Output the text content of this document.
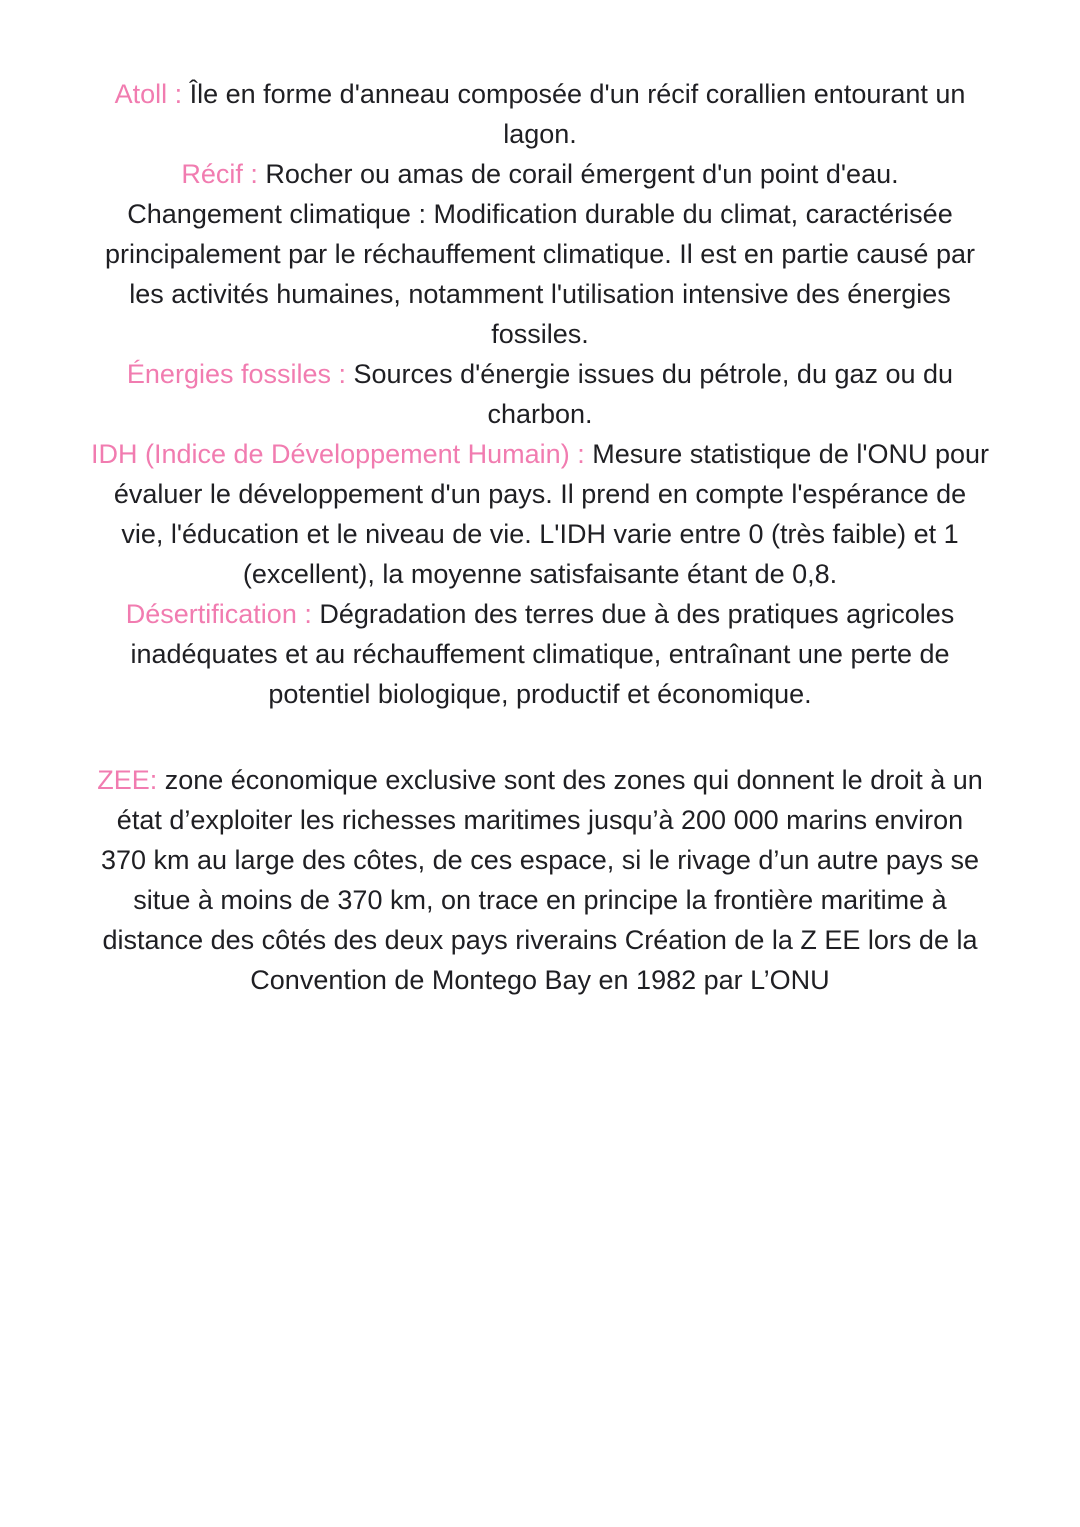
Atoll : Île en forme d'anneau composée d'un récif corallien entourant un
lagon.
Récif : Rocher ou amas de corail émergent d'un point d'eau.
Changement climatique : Modification durable du climat, caractérisée
principalement par le réchauffement climatique. Il est en partie causé par
les activités humaines, notamment l'utilisation intensive des énergies
fossiles.
Énergies fossiles : Sources d'énergie issues du pétrole, du gaz ou du
charbon.
IDH (Indice de Développement Humain) : Mesure statistique de l'ONU pour
évaluer le développement d'un pays. Il prend en compte l'espérance de
vie, l'éducation et le niveau de vie. L'IDH varie entre 0 (très faible) et 1
(excellent), la moyenne satisfaisante étant de 0,8.
Désertification : Dégradation des terres due à des pratiques agricoles
inadéquates et au réchauffement climatique, entraînant une perte de
potentiel biologique, productif et économique.
ZEE: zone économique exclusive sont des zones qui donnent le droit à un
état d’exploiter les richesses maritimes jusqu’à 200 000 marins environ
370 km au large des côtes, de ces espace, si le rivage d’un autre pays se
situe à moins de 370 km, on trace en principe la frontière maritime à
distance des côtés des deux pays riverains Création de la Z EE lors de la
Convention de Montego Bay en 1982 par L’ONU
